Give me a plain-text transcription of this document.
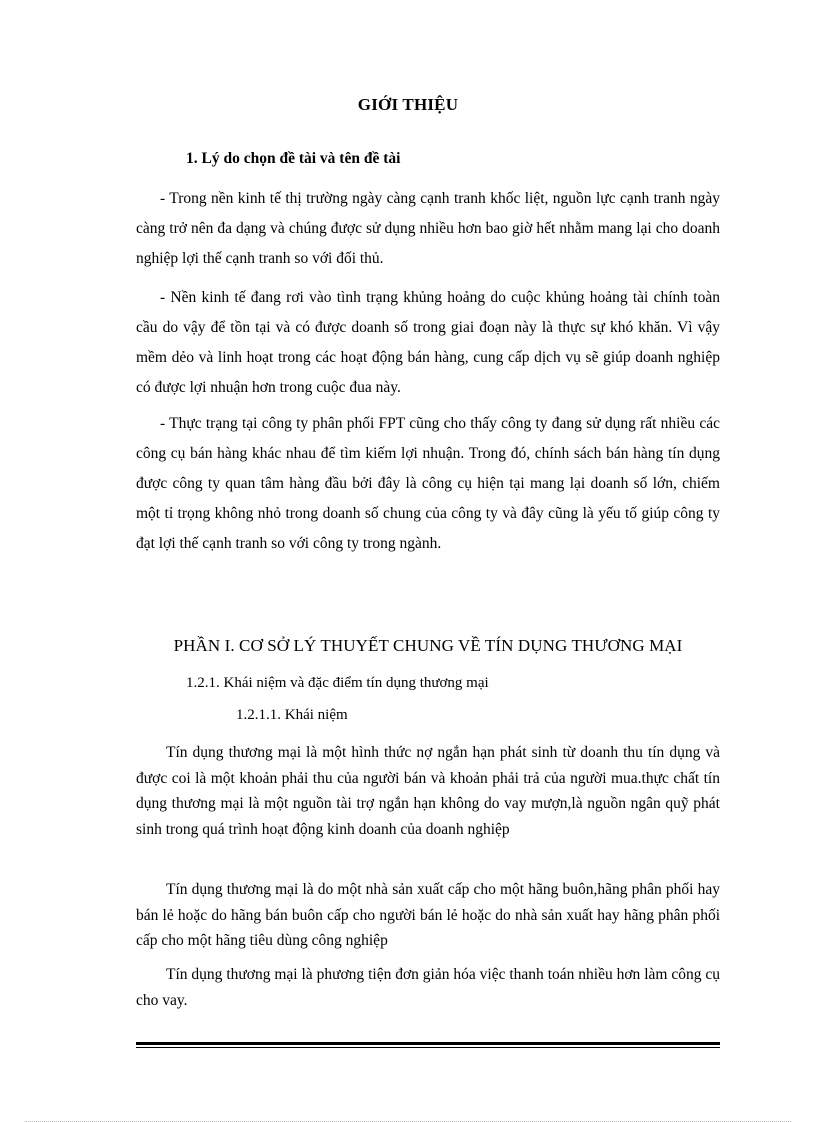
GIỚI THIỆU
1. Lý do chọn đề tài và tên đề tài

- Trong nền kinh tế thị trường ngày càng cạnh tranh khốc liệt, nguồn lực cạnh tranh ngày càng trở nên đa dạng và chúng được sử dụng nhiều hơn bao giờ hết nhằm mang lại cho doanh nghiệp lợi thế cạnh tranh so với đối thủ.

- Nền kinh tế đang rơi vào tình trạng khủng hoảng do cuộc khủng hoảng tài chính toàn cầu do vậy để tồn tại và có được doanh số trong giai đoạn này là thực sự khó khăn. Vì vậy mềm dẻo và linh hoạt trong các hoạt động bán hàng, cung cấp dịch vụ sẽ giúp doanh nghiệp có được lợi nhuận hơn trong cuộc đua này.

- Thực trạng tại công ty phân phối FPT cũng cho thấy công ty đang sử dụng rất nhiều các công cụ bán hàng khác nhau để tìm kiếm lợi nhuận. Trong đó, chính sách bán hàng tín dụng được công ty quan tâm hàng đầu bởi đây là công cụ hiện tại mang lại doanh số lớn, chiếm một tỉ trọng không nhỏ trong doanh số chung của công ty và đây cũng là yếu tố giúp công ty đạt lợi thế cạnh tranh so với công ty trong ngành.

PHẦN I. CƠ SỞ LÝ THUYẾT CHUNG VỀ TÍN DỤNG THƯƠNG MẠI
1.2.1. Khái niệm và đặc điểm tín dụng thương mại
1.2.1.1. Khái niệm

Tín dụng thương mại là một hình thức nợ ngắn hạn phát sinh từ doanh thu tín dụng và được coi là một khoản phải thu của người bán và khoản phải trả của người mua.thực chất tín dụng thương mại là một nguồn tài trợ ngắn hạn không do vay mượn,là nguồn ngân quỹ phát sinh trong quá trình hoạt động kinh doanh của doanh nghiệp

Tín dụng thương mại là do một nhà sản xuất cấp cho một hãng buôn,hãng phân phối hay bán lẻ hoặc do hãng bán buôn cấp cho người bán lẻ hoặc do nhà sản xuất hay hãng phân phối cấp cho một hãng tiêu dùng công nghiệp

Tín dụng thương mại là phương tiện đơn giản hóa việc thanh toán nhiều hơn làm công cụ cho vay.
